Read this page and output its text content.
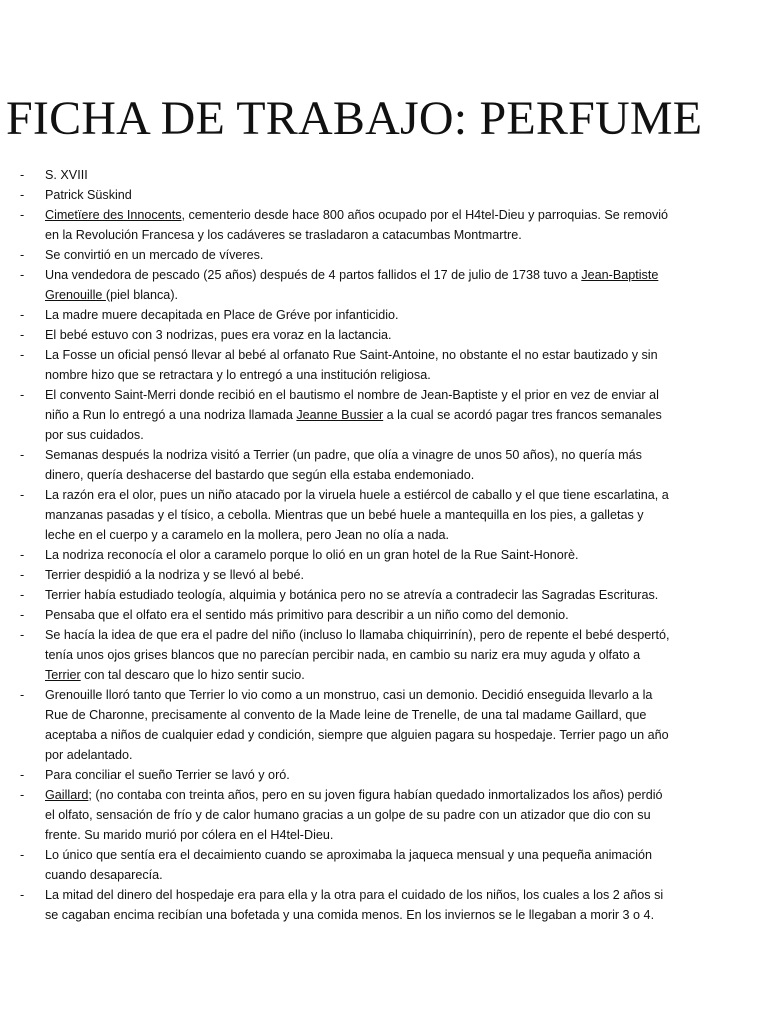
FICHA DE TRABAJO: PERFUME
- S. XVIII
- Patrick Süskind
- Cimetïere des Innocents, cementerio desde hace 800 años ocupado por el H4tel-Dieu y parroquias. Se removió en la Revolución Francesa y los cadáveres se trasladaron a catacumbas Montmartre.
- Se convirtió en un mercado de víveres.
- Una vendedora de pescado (25 años) después de 4 partos fallidos el 17 de julio de 1738 tuvo a Jean-Baptiste Grenouille (piel blanca).
- La madre muere decapitada en Place de Gréve por infanticidio.
- El bebé estuvo con 3 nodrizas, pues era voraz en la lactancia.
- La Fosse un oficial pensó llevar al bebé al orfanato Rue Saint-Antoine, no obstante el no estar bautizado y sin nombre hizo que se retractara y lo entregó a una institución religiosa.
- El convento Saint-Merri donde recibió en el bautismo el nombre de Jean-Baptiste y el prior en vez de enviar al niño a Run lo entregó a una nodriza llamada Jeanne Bussier a la cual se acordó pagar tres francos semanales por sus cuidados.
- Semanas después la nodriza visitó a Terrier (un padre, que olía a vinagre de unos 50 años), no quería más dinero, quería deshacerse del bastardo que según ella estaba endemoniado.
- La razón era el olor, pues un niño atacado por la viruela huele a estiércol de caballo y el que tiene escarlatina, a manzanas pasadas y el tísico, a cebolla. Mientras que un bebé huele a mantequilla en los pies, a galletas y leche en el cuerpo y a caramelo en la mollera, pero Jean no olía a nada.
- La nodriza reconocía el olor a caramelo porque lo olió en un gran hotel de la Rue Saint-Honorè.
- Terrier despidió a la nodriza y se llevó al bebé.
- Terrier había estudiado teología, alquimia y botánica pero no se atrevía a contradecir las Sagradas Escrituras.
- Pensaba que el olfato era el sentido más primitivo para describir a un niño como del demonio.
- Se hacía la idea de que era el padre del niño (incluso lo llamaba chiquirrinín), pero de repente el bebé despertó, tenía unos ojos grises blancos que no parecían percibir nada, en cambio su nariz era muy aguda y olfato a Terrier con tal descaro que lo hizo sentir sucio.
- Grenouille lloró tanto que Terrier lo vio como a un monstruo, casi un demonio. Decidió enseguida llevarlo a la Rue de Charonne, precisamente al convento de la Made leine de Trenelle, de una tal madame Gaillard, que aceptaba a niños de cualquier edad y condición, siempre que alguien pagara su hospedaje. Terrier pago un año por adelantado.
- Para conciliar el sueño Terrier se lavó y oró.
- Gaillard; (no contaba con treinta años, pero en su joven figura habían quedado inmortalizados los años) perdió el olfato, sensación de frío y de calor humano gracias a un golpe de su padre con un atizador que dio con su frente. Su marido murió por cólera en el H4tel-Dieu.
- Lo único que sentía era el decaimiento cuando se aproximaba la jaqueca mensual y una pequeña animación cuando desaparecía.
- La mitad del dinero del hospedaje era para ella y la otra para el cuidado de los niños, los cuales a los 2 años si se cagaban encima recibían una bofetada y una comida menos. En los inviernos se le llegaban a morir 3 o 4.
